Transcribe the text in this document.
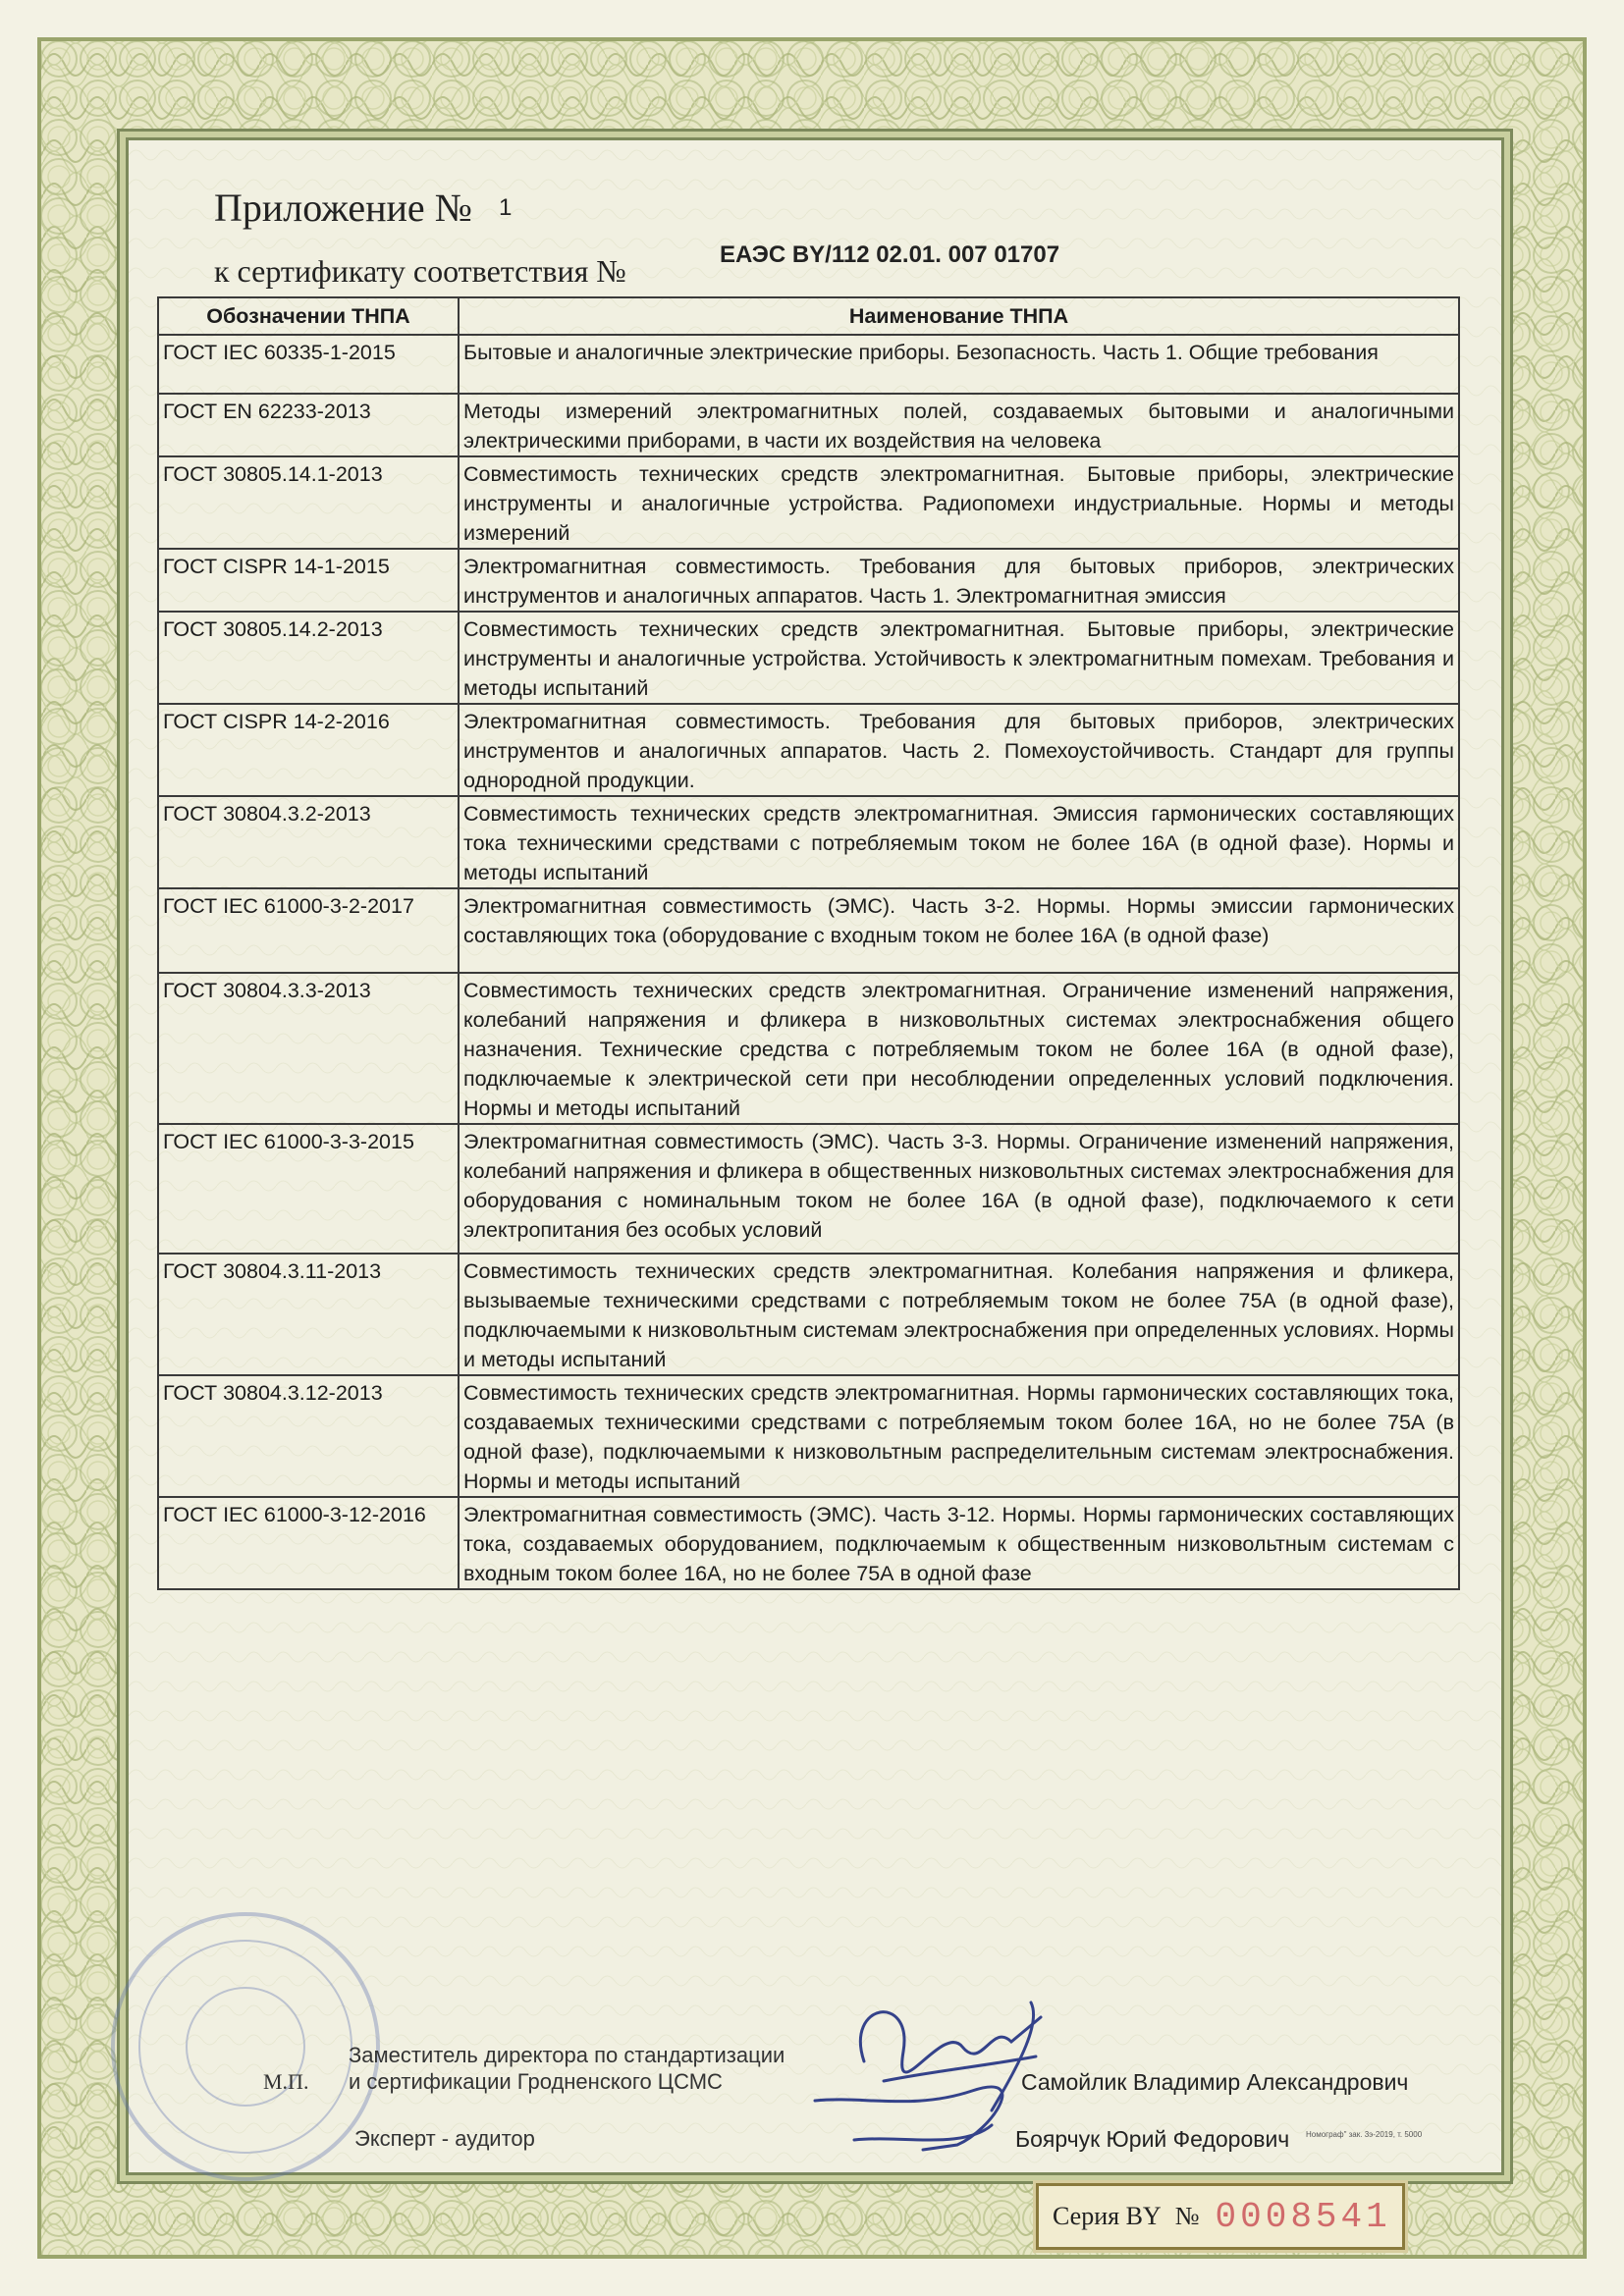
Приложение № 1
к сертификату соответствия №	ЕАЭС BY/112 02.01. 007 01707
Обозначении ТНПА	Наименование ТНПА
ГОСТ IEC 60335-1-2015	Бытовые и аналогичные электрические приборы. Безопасность. Часть 1. Общие требования
ГОСТ EN 62233-2013	Методы измерений электромагнитных полей, создаваемых бытовыми и аналогичными электрическими приборами, в части их воздействия на человека
ГОСТ 30805.14.1-2013	Совместимость технических средств электромагнитная. Бытовые приборы, электрические инструменты и аналогичные устройства. Радиопомехи индустриальные. Нормы и методы измерений
ГОСТ CISPR 14-1-2015	Электромагнитная совместимость. Требования для бытовых приборов, электрических инструментов и аналогичных аппаратов. Часть 1. Электромагнитная эмиссия
ГОСТ 30805.14.2-2013	Совместимость технических средств электромагнитная. Бытовые приборы, электрические инструменты и аналогичные устройства. Устойчивость к электромагнитным помехам. Требования и методы испытаний
ГОСТ CISPR 14-2-2016	Электромагнитная совместимость. Требования для бытовых приборов, электрических инструментов и аналогичных аппаратов. Часть 2. Помехоустойчивость. Стандарт для группы однородной продукции.
ГОСТ 30804.3.2-2013	Совместимость технических средств электромагнитная. Эмиссия гармонических составляющих тока техническими средствами с потребляемым током не более 16А (в одной фазе). Нормы и методы испытаний
ГОСТ IEC 61000-3-2-2017	Электромагнитная совместимость (ЭМС). Часть 3-2. Нормы. Нормы эмиссии гармонических составляющих тока (оборудование с входным током не более 16А (в одной фазе)
ГОСТ 30804.3.3-2013	Совместимость технических средств электромагнитная. Ограничение изменений напряжения, колебаний напряжения и фликера в низковольтных системах электроснабжения общего назначения. Технические средства с потребляемым током не более 16А (в одной фазе), подключаемые к электрической сети при несоблюдении определенных условий подключения. Нормы и методы испытаний
ГОСТ IEC 61000-3-3-2015	Электромагнитная совместимость (ЭМС). Часть 3-3. Нормы. Ограничение изменений напряжения, колебаний напряжения и фликера в общественных низковольтных системах электроснабжения для оборудования с номинальным током не более 16А (в одной фазе), подключаемого к сети электропитания без особых условий
ГОСТ 30804.3.11-2013	Совместимость технических средств электромагнитная. Колебания напряжения и фликера, вызываемые техническими средствами с потребляемым током не более 75А (в одной фазе), подключаемыми к низковольтным системам электроснабжения при определенных условиях. Нормы и методы испытаний
ГОСТ 30804.3.12-2013	Совместимость технических средств электромагнитная. Нормы гармонических составляющих тока, создаваемых техническими средствами с потребляемым током более 16А, но не более 75А (в одной фазе), подключаемыми к низковольтным распределительным системам электроснабжения. Нормы и методы испытаний
ГОСТ IEC 61000-3-12-2016	Электромагнитная совместимость (ЭМС). Часть 3-12. Нормы. Нормы гармонических составляющих тока, создаваемых оборудованием, подключаемым к общественным низковольтным системам с входным током более 16А, но не более 75А в одной фазе
М.П.
Заместитель директора по стандартизации
и сертификации Гродненского ЦСМС	Самойлик Владимир Александрович
Эксперт - аудитор	Боярчук Юрий Федорович Номограф" зак. 3э-2019, т. 5000
Серия BY № 0008541
